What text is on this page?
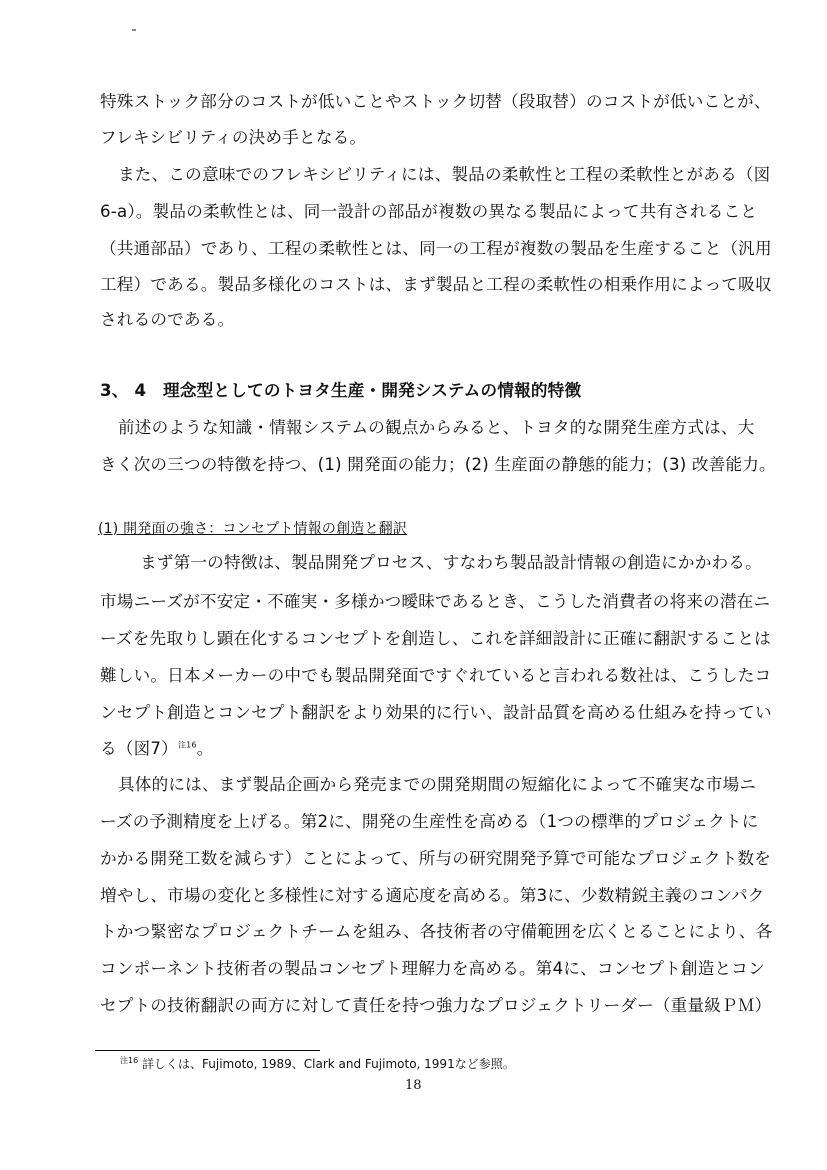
特殊ストック部分のコストが低いことやストック切替（段取替）のコストが低いことが、
フレキシビリティの決め手となる。
また、この意味でのフレキシビリティには、製品の柔軟性と工程の柔軟性とがある（図
6-a）。製品の柔軟性とは、同一設計の部品が複数の異なる製品によって共有されること
（共通部品）であり、工程の柔軟性とは、同一の工程が複数の製品を生産すること（汎用
工程）である。製品多様化のコストは、まず製品と工程の柔軟性の相乗作用によって吸収
されるのである。
3、 4　理念型としてのトヨタ生産・開発システムの情報的特徴
前述のような知識・情報システムの観点からみると、トヨタ的な開発生産方式は、大
きく次の三つの特徴を持つ、(1) 開発面の能力；(2) 生産面の静態的能力；(3) 改善能力。
(1) 開発面の強さ：コンセプト情報の創造と翻訳
まず第一の特徴は、製品開発プロセス、すなわち製品設計情報の創造にかかわる。
市場ニーズが不安定・不確実・多様かつ曖昧であるとき、こうした消費者の将来の潜在ニ
ーズを先取りし顕在化するコンセプトを創造し、これを詳細設計に正確に翻訳することは
難しい。日本メーカーの中でも製品開発面ですぐれていると言われる数社は、こうしたコ
ンセプト創造とコンセプト翻訳をより効果的に行い、設計品質を高める仕組みを持ってい
る（図7）$^{注16}$。
具体的には、まず製品企画から発売までの開発期間の短縮化によって不確実な市場ニ
ーズの予測精度を上げる。第2に、開発の生産性を高める（1つの標準的プロジェクトに
かかる開発工数を減らす）ことによって、所与の研究開発予算で可能なプロジェクト数を
増やし、市場の変化と多様性に対する適応度を高める。第3に、少数精鋭主義のコンパク
トかつ緊密なプロジェクトチームを組み、各技術者の守備範囲を広くとることにより、各
コンポーネント技術者の製品コンセプト理解力を高める。第4に、コンセプト創造とコン
セプトの技術翻訳の両方に対して責任を持つ強力なプロジェクトリーダー（重量級ＰＭ）
$^{注16}$ 詳しくは、Fujimoto, 1989、Clark and Fujimoto, 1991など参照。
18
